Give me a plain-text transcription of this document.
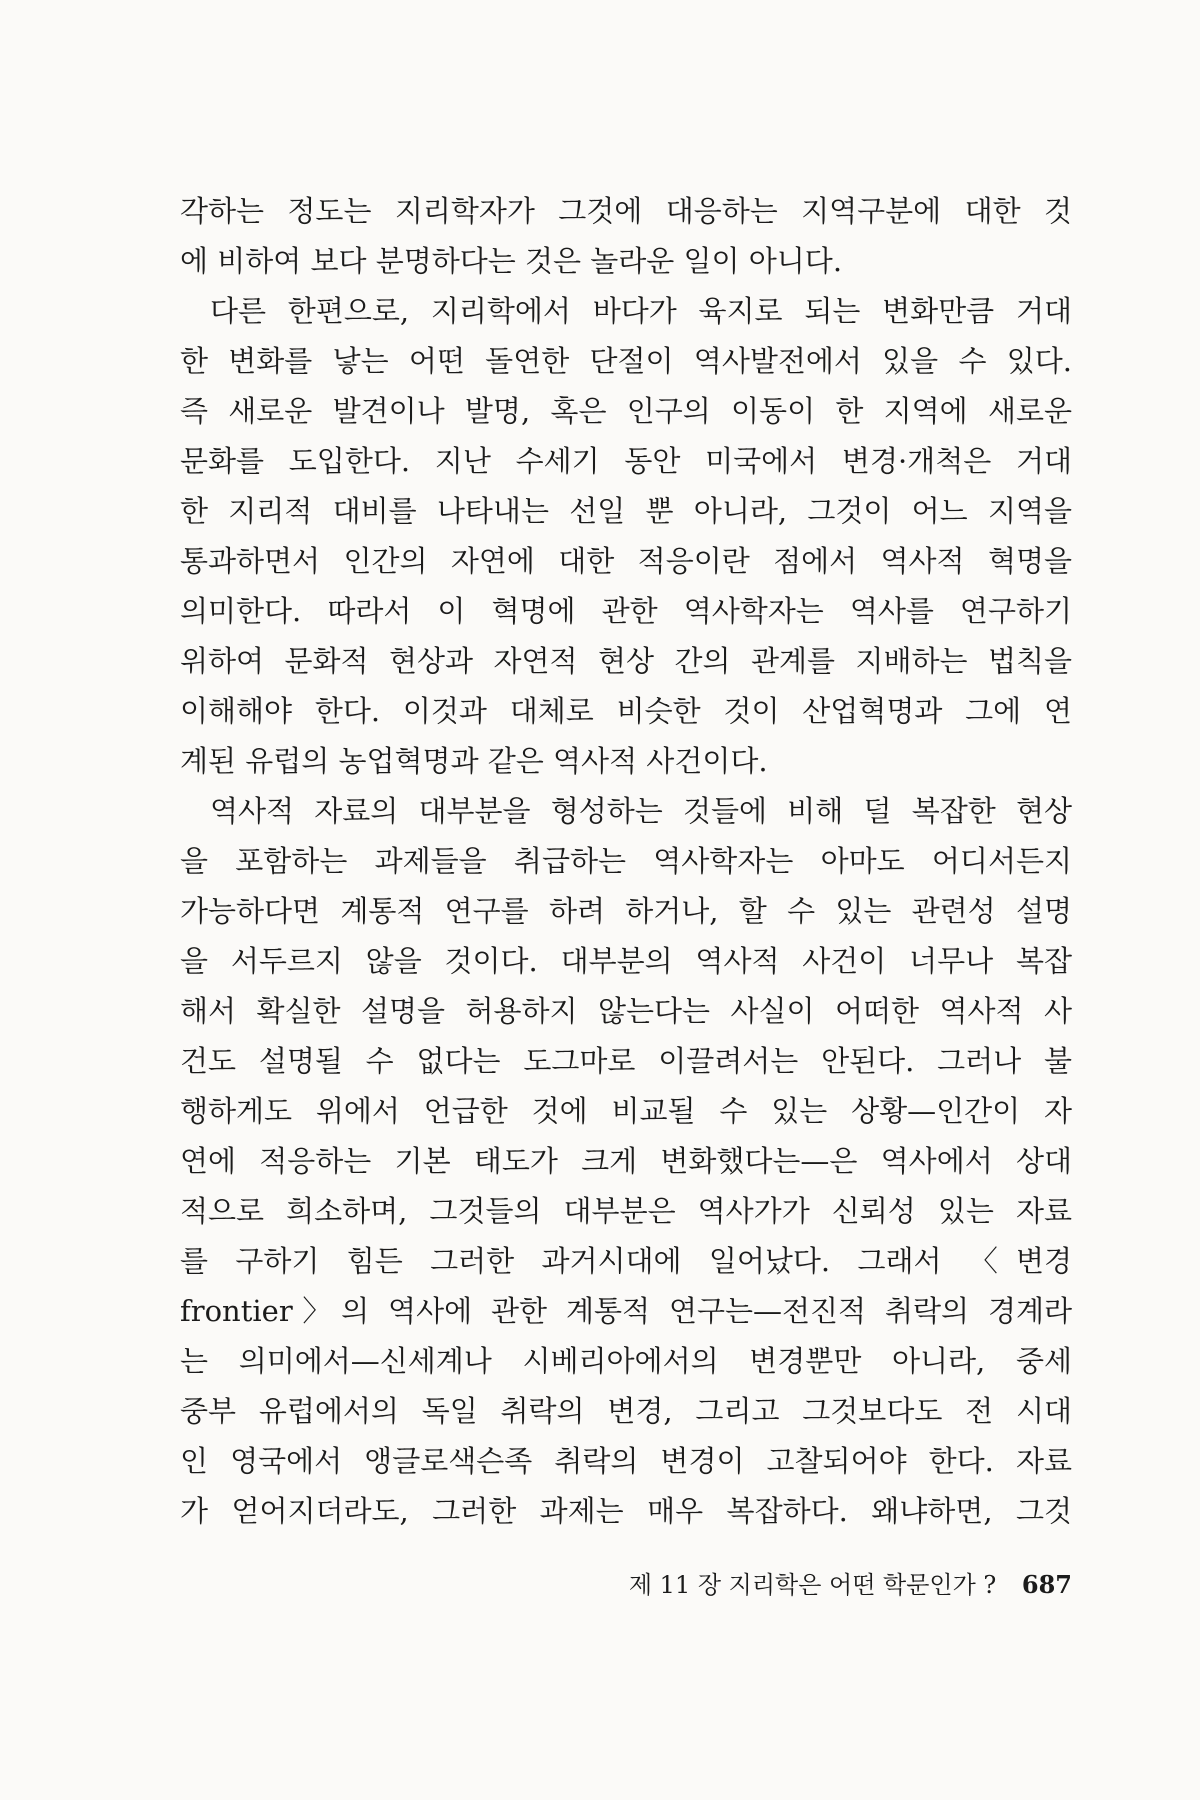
각하는 정도는 지리학자가 그것에 대응하는 지역구분에 대한 것
에 비하여 보다 분명하다는 것은 놀라운 일이 아니다.
다른 한편으로, 지리학에서 바다가 육지로 되는 변화만큼 거대
한 변화를 낳는 어떤 돌연한 단절이 역사발전에서 있을 수 있다.
즉 새로운 발견이나 발명, 혹은 인구의 이동이 한 지역에 새로운
문화를 도입한다. 지난 수세기 동안 미국에서 변경·개척은 거대
한 지리적 대비를 나타내는 선일 뿐 아니라, 그것이 어느 지역을
통과하면서 인간의 자연에 대한 적응이란 점에서 역사적 혁명을
의미한다. 따라서 이 혁명에 관한 역사학자는 역사를 연구하기
위하여 문화적 현상과 자연적 현상 간의 관계를 지배하는 법칙을
이해해야 한다. 이것과 대체로 비슷한 것이 산업혁명과 그에 연
계된 유럽의 농업혁명과 같은 역사적 사건이다.
역사적 자료의 대부분을 형성하는 것들에 비해 덜 복잡한 현상
을 포함하는 과제들을 취급하는 역사학자는 아마도 어디서든지
가능하다면 계통적 연구를 하려 하거나, 할 수 있는 관련성 설명
을 서두르지 않을 것이다. 대부분의 역사적 사건이 너무나 복잡
해서 확실한 설명을 허용하지 않는다는 사실이 어떠한 역사적 사
건도 설명될 수 없다는 도그마로 이끌려서는 안된다. 그러나 불
행하게도 위에서 언급한 것에 비교될 수 있는 상황—인간이 자
연에 적응하는 기본 태도가 크게 변화했다는—은 역사에서 상대
적으로 희소하며, 그것들의 대부분은 역사가가 신뢰성 있는 자료
를 구하기 힘든 그러한 과거시대에 일어났다. 그래서 〈변경
frontier〉의 역사에 관한 계통적 연구는—전진적 취락의 경계라
는 의미에서—신세계나 시베리아에서의 변경뿐만 아니라, 중세
중부 유럽에서의 독일 취락의 변경, 그리고 그것보다도 전 시대
인 영국에서 앵글로색슨족 취락의 변경이 고찰되어야 한다. 자료
가 얻어지더라도, 그러한 과제는 매우 복잡하다. 왜냐하면, 그것
제 11 장 지리학은 어떤 학문인가 ? 687
